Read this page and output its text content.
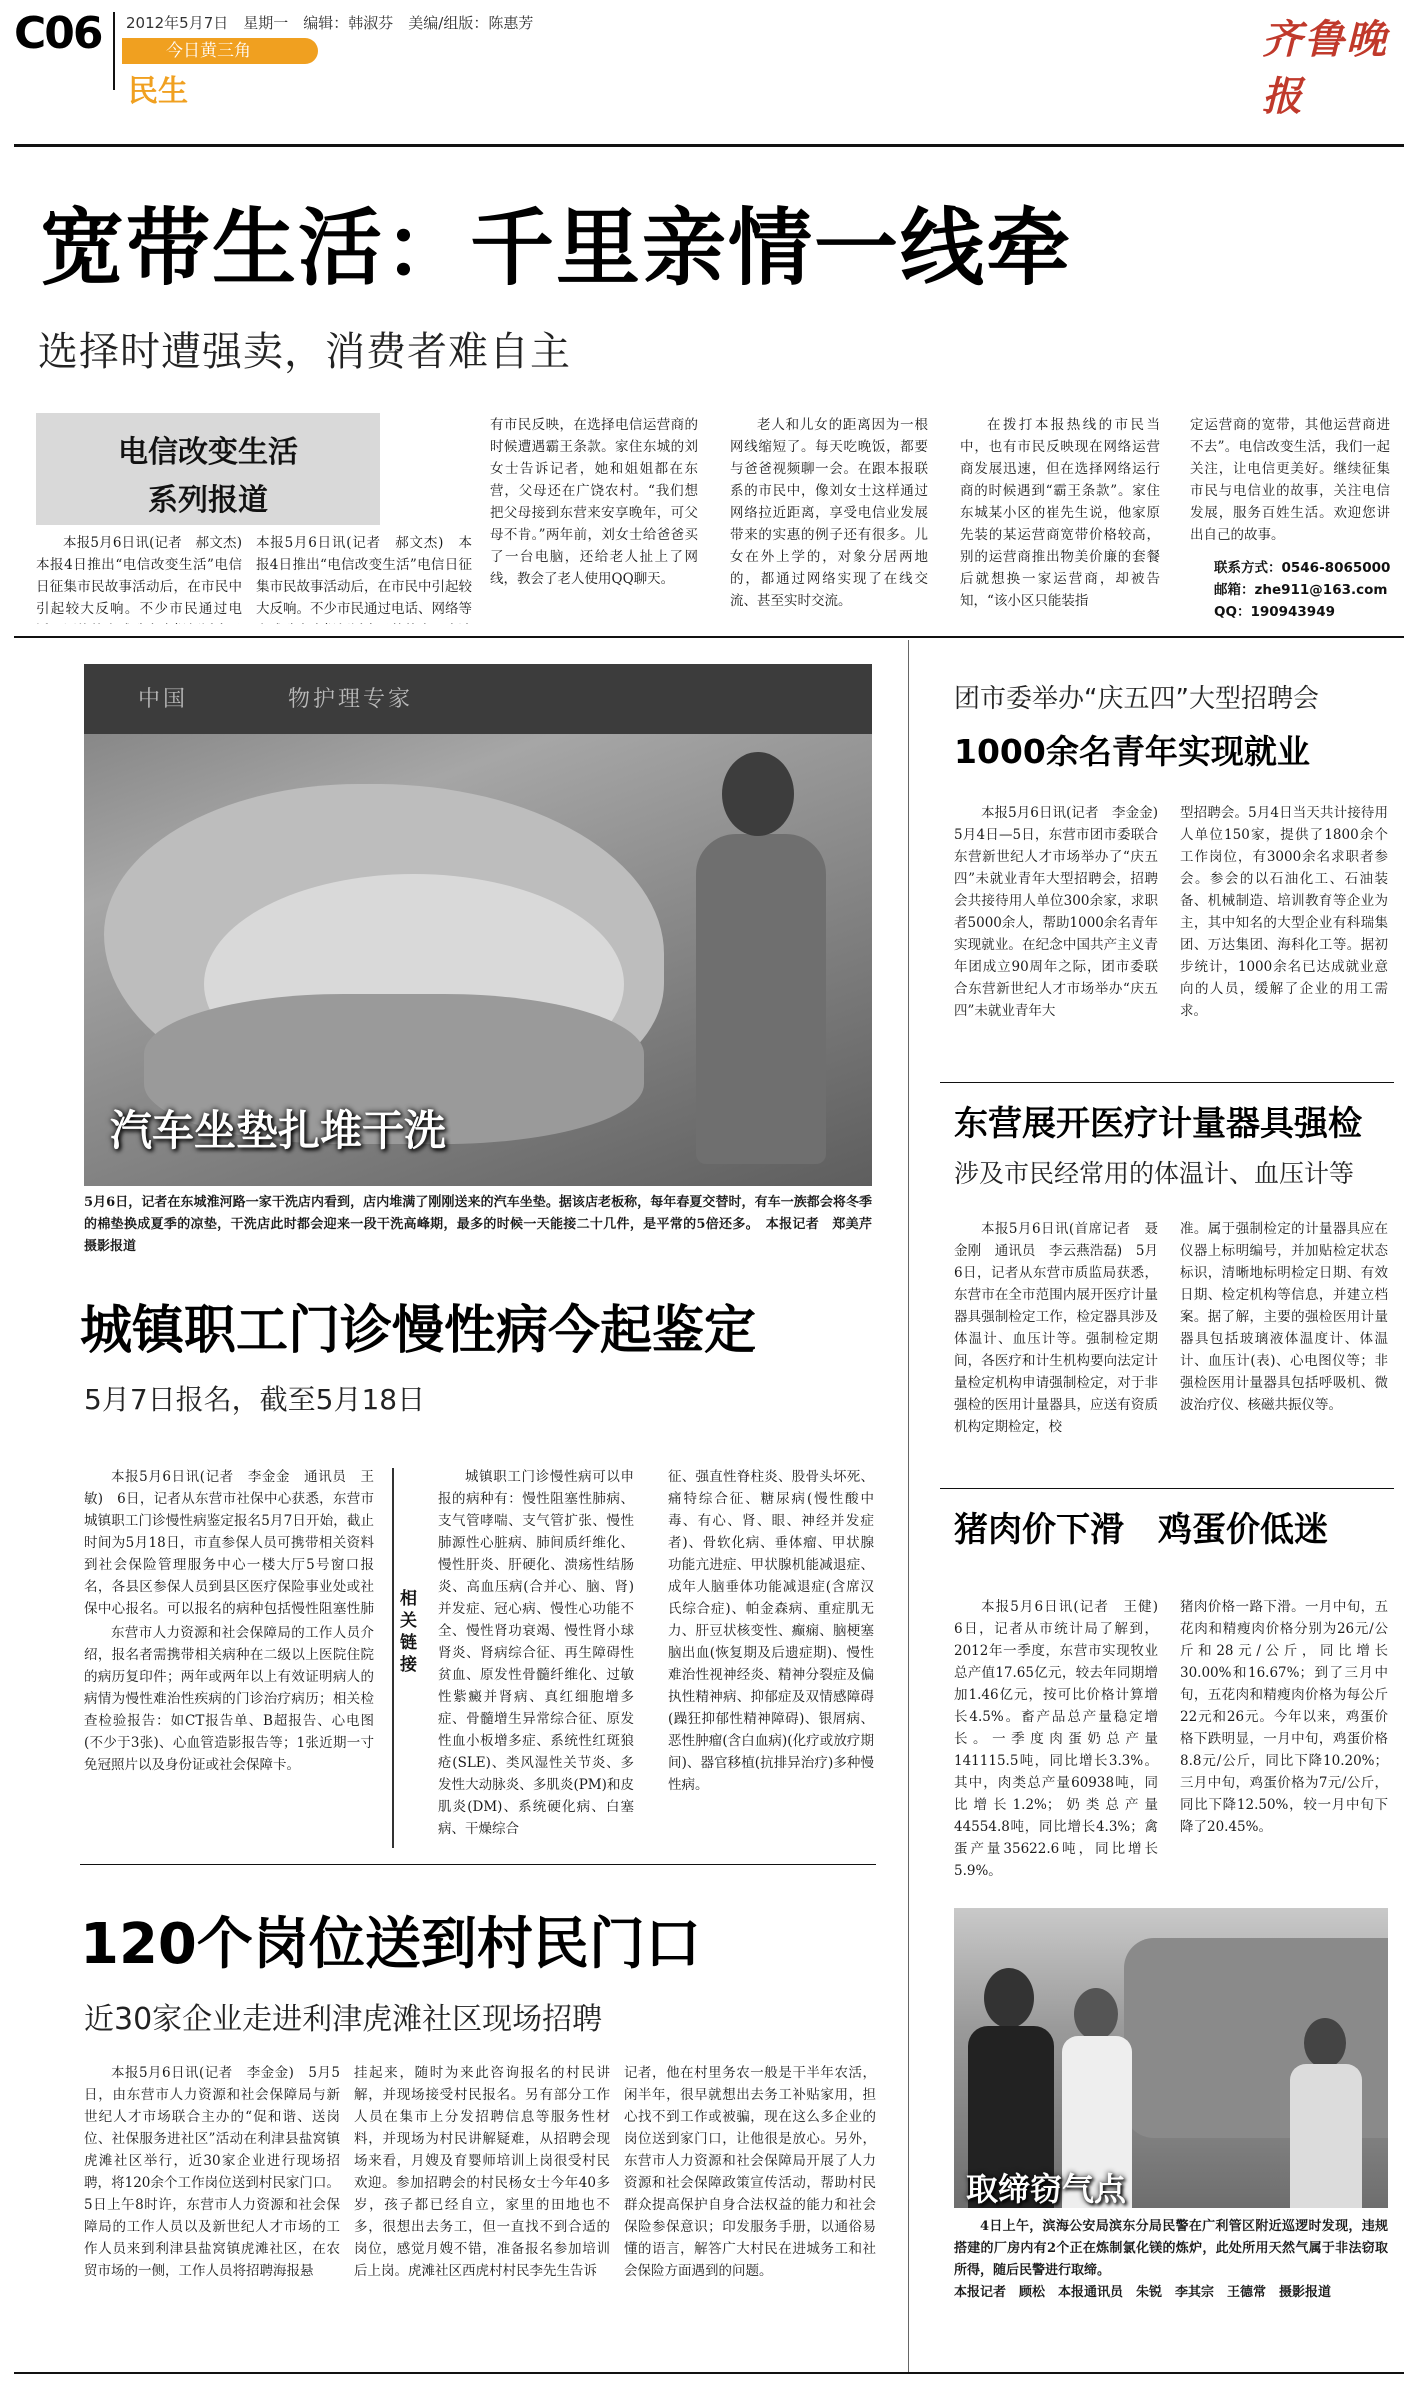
C06 2012年5月7日　星期一　编辑：韩淑芬　美编/组版：陈惠芳
今日黄三角
民生
齐鲁晚报
宽带生活：千里亲情一线牵
选择时遭强卖，消费者难自主
电信改变生活
系列报道

本报5月6日讯(记者　郝文杰)　本报4日推出“电信改变生活”电信日征集市民故事活动后，在市民中引起较大反响。不少市民通过电

本报5月6日讯(记者　郝文杰)　本报4日推出“电信改变生活”电信日征集市民故事活动后，在市民中引起较大反响。不少市民通过电话、网络等

有市民反映，在选择电信运营商的时候遭遇霸王条款。家住东城的刘女士告诉记者，她和姐姐都在东营，父母还在广饶农村。“我们想把父母接到东营来安享晚年，可父母不肯。”两年前，刘女士给爸爸买了一台电脑，还给老人扯上了网线，教会了老人使用QQ聊天。

老人和儿女的距离因为一根网线缩短了。每天吃晚饭，都要与爸爸视频聊一会。在跟本报联系的市民中，像刘女士这样通过网络拉近距离，享受电信业发展带来的实惠的例子还有很多。儿女在外上学的，对象分居两地的，都通过网络实现了在线交流、甚至实时交流。

在拨打本报热线的市民当中，也有市民反映现在网络运营商发展迅速，但在选择网络运行商的时候遇到“霸王条款”。家住东城某小区的崔先生说，他家原先装的某运营商宽带价格较高，别的运营商推出物美价廉的套餐后就想换一家运营商，却被告知，“该小区只能装指

定运营商的宽带，其他运营商进不去”。电信改变生活，我们一起关注，让电信更美好。继续征集市民与电信业的故事，关注电信发展，服务百姓生活。欢迎您讲出自己的故事。

联系方式：0546-8065000
邮箱：zhe911@163.com
QQ：190943949
中国　　　　物护理专家
汽车坐垫扎堆干洗

5月6日，记者在东城淮河路一家干洗店内看到，店内堆满了刚刚送来的汽车坐垫。据该店老板称，每年春夏交替时，有车一族都会将冬季的棉垫换成夏季的凉垫，干洗店此时都会迎来一段干洗高峰期，最多的时候一天能接二十几件，是平常的5倍还多。　本报记者　郑美芹　摄影报道

城镇职工门诊慢性病今起鉴定
5月7日报名，截至5月18日

本报5月6日讯(记者　李金金　通讯员　王敏)　6日，记者从东营市社保中心获悉，东营市城镇职工门诊慢性病鉴定报名5月7日开始，截止时间为5月18日，市直参保人员可携带相关资料到社会保险管理服务中心一楼大厅5号窗口报名，各县区参保人员到县区医疗保险事业处或社保中心报名。可以报名的病种包括慢性阻塞性肺

东营市人力资源和社会保障局的工作人员介绍，报名者需携带相关病种在二级以上医院住院的病历复印件；两年或两年以上有效证明病人的病情为慢性难治性疾病的门诊治疗病历；相关检查检验报告：如CT报告单、B超报告、心电图(不少于3张)、心血管造影报告等；1张近期一寸免冠照片以及身份证或社会保障卡。

相关链接

城镇职工门诊慢性病可以申报的病种有：慢性阻塞性肺病、支气管哮喘、支气管扩张、慢性肺源性心脏病、肺间质纤维化、慢性肝炎、肝硬化、溃疡性结肠炎、高血压病(合并心、脑、肾)并发症、冠心病、慢性心功能不全、慢性肾功衰竭、慢性肾小球肾炎、肾病综合征、再生障碍性贫血、原发性骨髓纤维化、过敏性紫癜并肾病、真红细胞增多症、骨髓增生异常综合征、原发性血小板增多症、系统性红斑狼疮(SLE)、类风湿性关节炎、多发性大动脉炎、多肌炎(PM)和皮肌炎(DM)、系统硬化病、白塞病、干燥综合

征、强直性脊柱炎、股骨头坏死、痛特综合征、糖尿病(慢性酸中毒、有心、肾、眼、神经并发症者)、骨软化病、垂体瘤、甲状腺功能亢进症、甲状腺机能减退症、成年人脑垂体功能减退症(含席汉氏综合症)、帕金森病、重症肌无力、肝豆状核变性、癫痫、脑梗塞脑出血(恢复期及后遗症期)、慢性难治性视神经炎、精神分裂症及偏执性精神病、抑郁症及双情感障碍(躁狂抑郁性精神障碍)、银屑病、恶性肿瘤(含白血病)(化疗或放疗期间)、器官移植(抗排异治疗)多种慢性病。

120个岗位送到村民门口
近30家企业走进利津虎滩社区现场招聘

本报5月6日讯(记者　李金金)　5月5日，由东营市人力资源和社会保障局与新世纪人才市场联合主办的“促和谐、送岗位、社保服务进社区”活动在利津县盐窝镇虎滩社区举行，近30家企业进行现场招聘，将120余个工作岗位送到村民家门口。5日上午8时许，东营市人力资源和社会保障局的工作人员以及新世纪人才市场的工作人员来到利津县盐窝镇虎滩社区，在农贸市场的一侧，工作人员将招聘海报悬

挂起来，随时为来此咨询报名的村民讲解，并现场接受村民报名。另有部分工作人员在集市上分发招聘信息等服务性材料，并现场为村民讲解疑难，从招聘会现场来看，月嫂及育婴师培训上岗很受村民欢迎。参加招聘会的村民杨女士今年40多岁，孩子都已经自立，家里的田地也不多，很想出去务工，但一直找不到合适的岗位，感觉月嫂不错，准备报名参加培训后上岗。虎滩社区西虎村村民李先生告诉

记者，他在村里务农一般是干半年农活，闲半年，很早就想出去务工补贴家用，担心找不到工作或被骗，现在这么多企业的岗位送到家门口，让他很是放心。另外，东营市人力资源和社会保障局开展了人力资源和社会保障政策宣传活动，帮助村民群众提高保护自身合法权益的能力和社会保险参保意识；印发服务手册，以通俗易懂的语言，解答广大村民在进城务工和社会保险方面遇到的问题。

团市委举办“庆五四”大型招聘会
1000余名青年实现就业

本报5月6日讯(记者　李金金)　5月4日—5日，东营市团市委联合东营新世纪人才市场举办了“庆五四”未就业青年大型招聘会，招聘会共接待用人单位300余家，求职者5000余人，帮助1000余名青年实现就业。在纪念中国共产主义青年团成立90周年之际，团市委联合东营新世纪人才市场举办“庆五四”未就业青年大

型招聘会。5月4日当天共计接待用人单位150家，提供了1800余个工作岗位，有3000余名求职者参会。参会的以石油化工、石油装备、机械制造、培训教育等企业为主，其中知名的大型企业有科瑞集团、万达集团、海科化工等。据初步统计，1000余名已达成就业意向的人员，缓解了企业的用工需求。

东营展开医疗计量器具强检
涉及市民经常用的体温计、血压计等

本报5月6日讯(首席记者　聂金刚　通讯员　李云燕浩磊)　5月6日，记者从东营市质监局获悉，东营市在全市范围内展开医疗计量器具强制检定工作，检定器具涉及体温计、血压计等。强制检定期间，各医疗和计生机构要向法定计量检定机构申请强制检定，对于非强检的医用计量器具，应送有资质机构定期检定，校

准。属于强制检定的计量器具应在仪器上标明编号，并加贴检定状态标识，清晰地标明检定日期、有效日期、检定机构等信息，并建立档案。据了解，主要的强检医用计量器具包括玻璃液体温度计、体温计、血压计(表)、心电图仪等；非强检医用计量器具包括呼吸机、微波治疗仪、核磁共振仪等。

猪肉价下滑　鸡蛋价低迷

本报5月6日讯(记者　王健)　6日，记者从市统计局了解到，2012年一季度，东营市实现牧业总产值17.65亿元，较去年同期增加1.46亿元，按可比价格计算增长4.5%。畜产品总产量稳定增长。一季度肉蛋奶总产量141115.5吨，同比增长3.3%。其中，肉类总产量60938吨，同比增长1.2%；奶类总产量44554.8吨，同比增长4.3%；禽蛋产量35622.6吨，同比增长5.9%。

猪肉价格一路下滑。一月中旬，五花肉和精瘦肉价格分别为26元/公斤和28元/公斤，同比增长30.00%和16.67%；到了三月中旬，五花肉和精瘦肉价格为每公斤22元和26元。今年以来，鸡蛋价格下跌明显，一月中旬，鸡蛋价格8.8元/公斤，同比下降10.20%；三月中旬，鸡蛋价格为7元/公斤，同比下降12.50%，较一月中旬下降了20.45%。

取缔窃气点

4日上午，滨海公安局滨东分局民警在广利管区附近巡逻时发现，违规搭建的厂房内有2个正在炼制氯化镁的炼炉，此处所用天然气属于非法窃取所得，随后民警进行取缔。

本报记者　顾松　本报通讯员　朱锐　李其宗　王德常　摄影报道
